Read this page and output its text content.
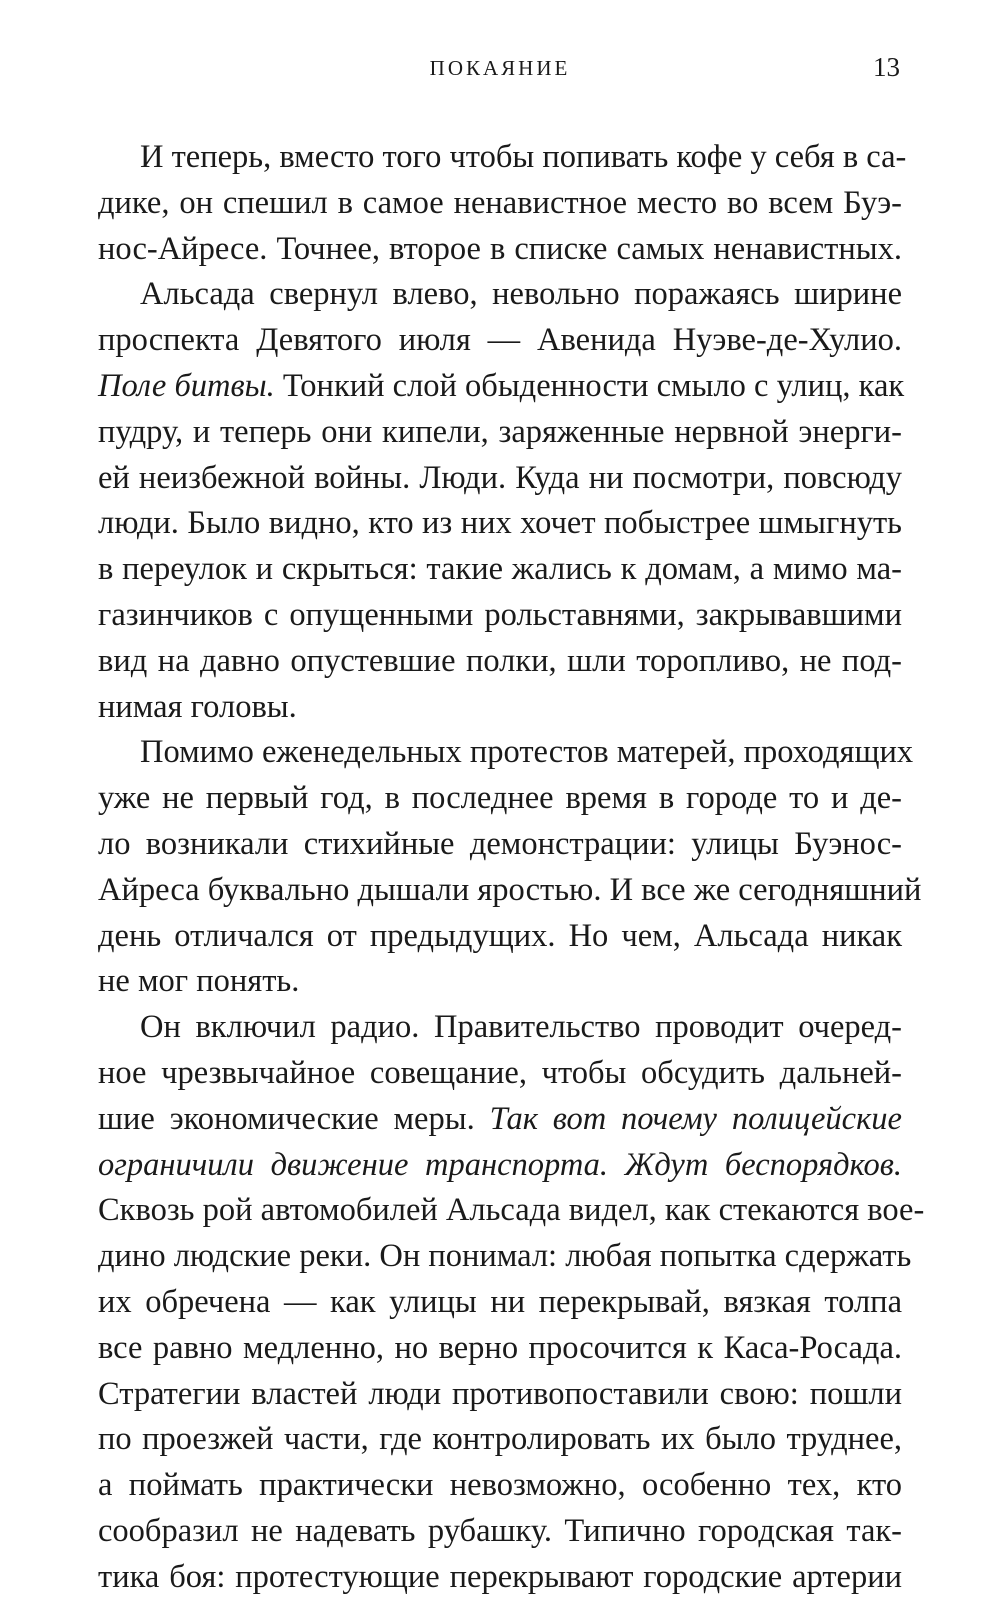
ПОКАЯНИЕ	13
И теперь, вместо того чтобы попивать кофе у себя в са-
дике, он спешил в самое ненавистное место во всем Буэ-
нос-Айресе. Точнее, второе в списке самых ненавистных.
Альсада свернул влево, невольно поражаясь ширине
проспекта Девятого июля — Авенида Нуэве-де-Хулио.
Поле битвы. Тонкий слой обыденности смыло с улиц, как
пудру, и теперь они кипели, заряженные нервной энерги-
ей неизбежной войны. Люди. Куда ни посмотри, повсюду
люди. Было видно, кто из них хочет побыстрее шмыгнуть
в переулок и скрыться: такие жались к домам, а мимо ма-
газинчиков с опущенными рольставнями, закрывавшими
вид на давно опустевшие полки, шли торопливо, не под-
нимая головы.
Помимо еженедельных протестов матерей, проходящих
уже не первый год, в последнее время в городе то и де-
ло возникали стихийные демонстрации: улицы Буэнос-
Айреса буквально дышали яростью. И все же сегодняшний
день отличался от предыдущих. Но чем, Альсада никак
не мог понять.
Он включил радио. Правительство проводит очеред-
ное чрезвычайное совещание, чтобы обсудить дальней-
шие экономические меры. Так вот почему полицейские
ограничили движение транспорта. Ждут беспорядков.
Сквозь рой автомобилей Альсада видел, как стекаются вое-
дино людские реки. Он понимал: любая попытка сдержать
их обречена — как улицы ни перекрывай, вязкая толпа
все равно медленно, но верно просочится к Каса-Росада.
Стратегии властей люди противопоставили свою: пошли
по проезжей части, где контролировать их было труднее,
а поймать практически невозможно, особенно тех, кто
сообразил не надевать рубашку. Типично городская так-
тика боя: протестующие перекрывают городские артерии
